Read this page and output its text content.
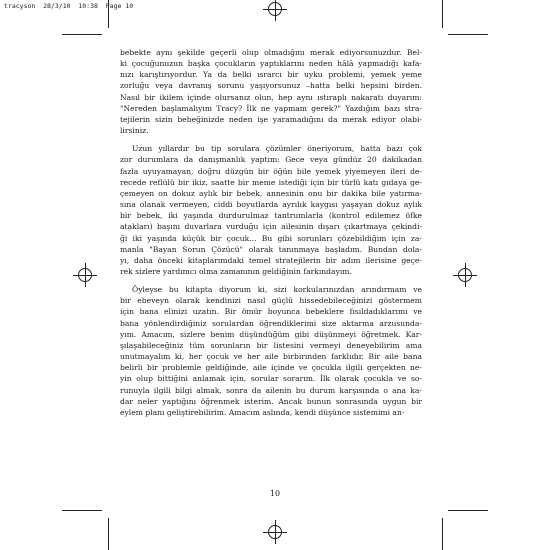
tracyson  28/3/10  10:38  Page 10

bebekte aynı şekilde geçerli olup olmadığını merak ediyorsunuzdur. Bel-
ki çocuğunuzun başka çocukların yaptıklarını neden hâlâ yapmadığı kafa-
nızı karıştırıyordur. Ya da belki ısrarcı bir uyku problemi, yemek yeme
zorluğu veya davranış sorunu yaşıyorsunuz –hatta belki hepsini birden.
Nasıl bir ikilem içinde olursanız olun, hep aynı ıstıraplı nakaratı duyarım:
"Nereden başlamalıyım Tracy? İlk ne yapmam gerek?" Yazdığım bazı stra-
tejilerin sizin bebeğinizde neden işe yaramadığını da merak ediyor olabi-
lirsiniz.

Uzun yıllardır bu tip sorulara çözümler öneriyorum, hatta bazı çok
zor durumlara da danışmanlık yaptım: Gece veya gündüz 20 dakikadan
fazla uyuyamayan, doğru düzgün bir öğün bile yemek yiyemeyen ileri de-
recede reflülü bir ikiz, saatte bir meme istediği için bir türlü katı gıdaya ge-
çemeyen on dokuz aylık bir bebek, annesinin onu bir dakika bile yatırma-
sına olanak vermeyen, ciddi boyutlarda ayrılık kaygısı yaşayan dokuz aylık
bir bebek, iki yaşında durdurulmaz tantrumlarla (kontrol edilemez öfke
atakları) başını duvarlara vurduğu için ailesinin dışarı çıkartmaya çekindi-
ği iki yaşında küçük bir çocuk... Bu gibi sorunları çözebildiğim için za-
manla "Bayan Sorun Çözücü" olarak tanınmaya başladım. Bundan dola-
yı, daha önceki kitaplarımdaki temel stratejilerin bir adım ilerisine geçe-
rek sizlere yardımcı olma zamanının geldiğinin farkındayım.

Öyleyse bu kitapta diyorum ki, sizi korkularınızdan arındırmam ve
bir ebeveyn olarak kendinizi nasıl güçlü hissedebileceğinizi göstermem
için bana elinizi uzatın. Bir ömür boyunca bebeklere fısıldadıklarımı ve
bana yönlendirdiğiniz sorulardan öğrendiklerimi size aktarma arzusunda-
yım. Amacım, sizlere benim düşündüğüm gibi düşünmeyi öğretmek. Kar-
şılaşabileceğiniz tüm sorunların bir listesini vermeyi deneyebilirim ama
unutmayalım ki, her çocuk ve her aile birbirinden farklıdır. Bir aile bana
belirli bir problemle geldiğinde, aile içinde ve çocukla ilgili gerçekten ne-
yin olup bittiğini anlamak için, sorular sorarım. İlk olarak çocukla ve so-
runuyla ilgili bilgi almak, sonra da ailenin bu durum karşısında o ana ka-
dar neler yaptığını öğrenmek isterim. Ancak bunun sonrasında uygun bir
eylem planı geliştirebilirim. Amacım aslında, kendi düşünce sistemimi an-

10
